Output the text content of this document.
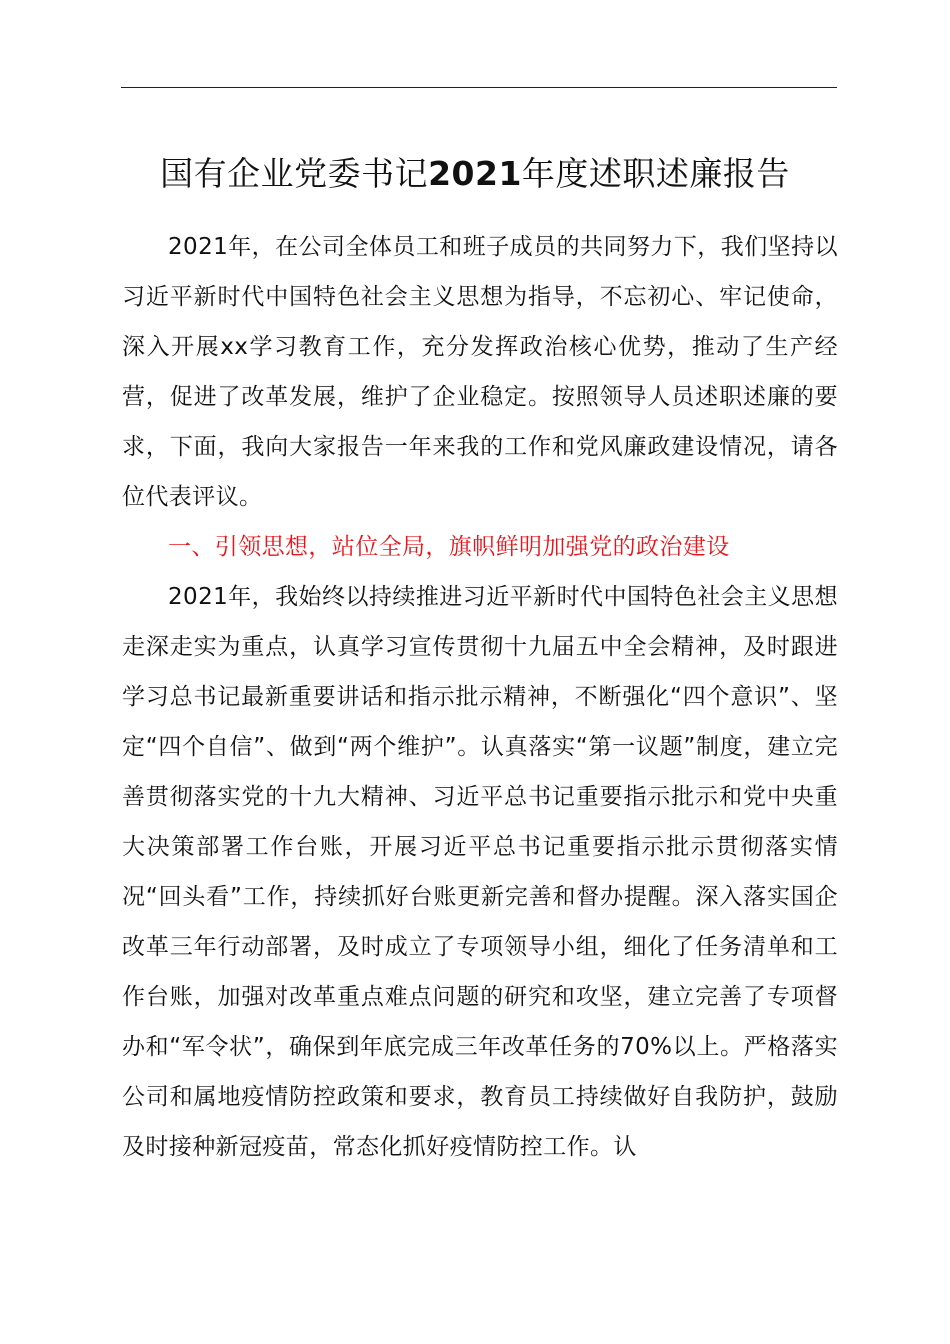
国有企业党委书记2021年度述职述廉报告

2021年，在公司全体员工和班子成员的共同努力下，我们坚持以习近平新时代中国特色社会主义思想为指导，不忘初心、牢记使命，深入开展xx学习教育工作，充分发挥政治核心优势，推动了生产经营，促进了改革发展，维护了企业稳定。按照领导人员述职述廉的要求，下面，我向大家报告一年来我的工作和党风廉政建设情况，请各位代表评议。

一、引领思想，站位全局，旗帜鲜明加强党的政治建设

2021年，我始终以持续推进习近平新时代中国特色社会主义思想走深走实为重点，认真学习宣传贯彻十九届五中全会精神，及时跟进学习总书记最新重要讲话和指示批示精神，不断强化“四个意识”、坚定“四个自信”、做到“两个维护”。认真落实“第一议题”制度，建立完善贯彻落实党的十九大精神、习近平总书记重要指示批示和党中央重大决策部署工作台账，开展习近平总书记重要指示批示贯彻落实情况“回头看”工作，持续抓好台账更新完善和督办提醒。深入落实国企改革三年行动部署，及时成立了专项领导小组，细化了任务清单和工作台账，加强对改革重点难点问题的研究和攻坚，建立完善了专项督办和“军令状”，确保到年底完成三年改革任务的70%以上。严格落实公司和属地疫情防控政策和要求，教育员工持续做好自我防护，鼓励及时接种新冠疫苗，常态化抓好疫情防控工作。认
